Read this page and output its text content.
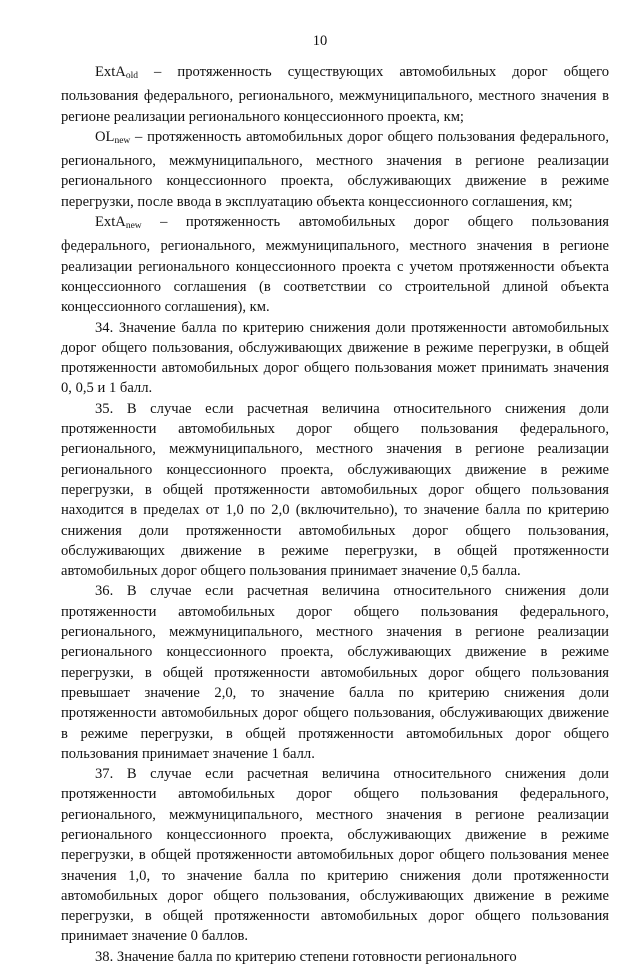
10

ExtA$_{old}$ – протяженность существующих автомобильных дорог общего пользования федерального, регионального, межмуниципального, местного значения в регионе реализации регионального концессионного проекта, км;

$OL_{new}$ – протяженность автомобильных дорог общего пользования федерального, регионального, межмуниципального, местного значения в регионе реализации регионального концессионного проекта, обслуживающих движение в режиме перегрузки, после ввода в эксплуатацию объекта концессионного соглашения, км;

ExtA$_{new}$ – протяженность автомобильных дорог общего пользования федерального, регионального, межмуниципального, местного значения в регионе реализации регионального концессионного проекта с учетом протяженности объекта концессионного соглашения (в соответствии со строительной длиной объекта концессионного соглашения), км.

34. Значение балла по критерию снижения доли протяженности автомобильных дорог общего пользования, обслуживающих движение в режиме перегрузки, в общей протяженности автомобильных дорог общего пользования может принимать значения 0, 0,5 и 1 балл.

35. В случае если расчетная величина относительного снижения доли протяженности автомобильных дорог общего пользования федерального, регионального, межмуниципального, местного значения в регионе реализации регионального концессионного проекта, обслуживающих движение в режиме перегрузки, в общей протяженности автомобильных дорог общего пользования находится в пределах от 1,0 по 2,0 (включительно), то значение балла по критерию снижения доли протяженности автомобильных дорог общего пользования, обслуживающих движение в режиме перегрузки, в общей протяженности автомобильных дорог общего пользования принимает значение 0,5 балла.

36. В случае если расчетная величина относительного снижения доли протяженности автомобильных дорог общего пользования федерального, регионального, межмуниципального, местного значения в регионе реализации регионального концессионного проекта, обслуживающих движение в режиме перегрузки, в общей протяженности автомобильных дорог общего пользования превышает значение 2,0, то значение балла по критерию снижения доли протяженности автомобильных дорог общего пользования, обслуживающих движение в режиме перегрузки, в общей протяженности автомобильных дорог общего пользования принимает значение 1 балл.

37. В случае если расчетная величина относительного снижения доли протяженности автомобильных дорог общего пользования федерального, регионального, межмуниципального, местного значения в регионе реализации регионального концессионного проекта, обслуживающих движение в режиме перегрузки, в общей протяженности автомобильных дорог общего пользования менее значения 1,0, то значение балла по критерию снижения доли протяженности автомобильных дорог общего пользования, обслуживающих движение в режиме перегрузки, в общей протяженности автомобильных дорог общего пользования принимает значение 0 баллов.

38. Значение балла по критерию степени готовности регионального
